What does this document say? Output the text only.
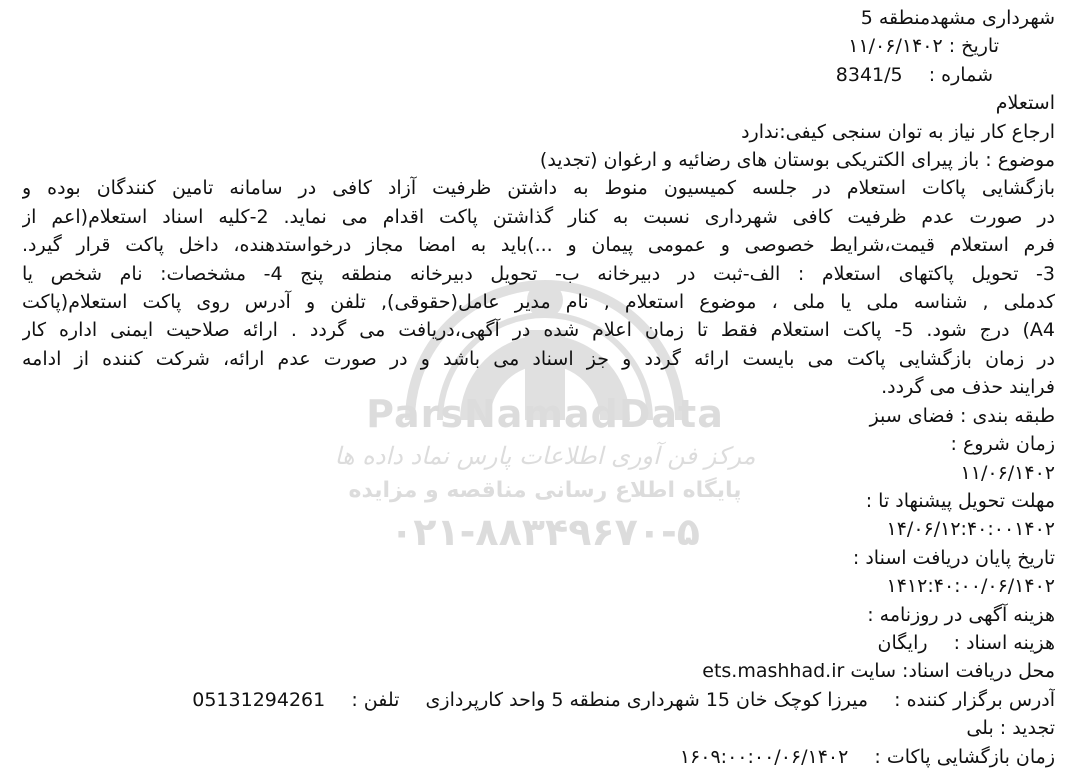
ParsNamadData
مرکز فن آوری اطلاعات پارس نماد داده ها
پایگاه اطلاع رسانی مناقصه و مزایده
۰۲۱-۸۸۳۴۹۶۷۰-۵
شهرداری مشهدمنطقه 5
تاریخ : ۱۱/۰۶/۱۴۰۲
شماره :  8341/5
استعلام
ارجاع کار نیاز به توان سنجی کیفی:ندارد
موضوع : باز پیرای الکتریکی بوستان های رضائیه و ارغوان (تجدید)
بازگشایی پاکات استعلام در جلسه کمیسیون منوط به داشتن ظرفیت آزاد کافی در سامانه تامین کنندگان بوده و
در صورت عدم ظرفیت کافی شهرداری نسبت به کنار گذاشتن پاکت اقدام می نماید. 2-کلیه اسناد استعلام(اعم از
فرم استعلام قیمت،شرایط خصوصی و عمومی پیمان و ...)باید به امضا مجاز درخواستدهنده، داخل پاکت قرار گیرد.
3- تحویل پاکتهای استعلام : الف-ثبت در دبیرخانه ب- تحویل دبیرخانه منطقه پنج 4- مشخصات: نام شخص یا
کدملی , شناسه ملی یا ملی ، موضوع استعلام , نام مدیر عامل(حقوقی), تلفن و آدرس روی پاکت استعلام(پاکت
A4) درج شود. 5- پاکت استعلام فقط تا زمان اعلام شده در آگهی،دریافت می گردد . ارائه صلاحیت ایمنی اداره کار
در زمان بازگشایی پاکت می بایست ارائه گردد و جز اسناد می باشد و در صورت عدم ارائه، شرکت کننده از ادامه
فرایند حذف می گردد.
طبقه بندی : فضای سبز
زمان شروع :
۱۱/۰۶/۱۴۰۲
مهلت تحویل پیشنهاد تا :
۱۴/۰۶/۱۲:۴۰:۰۰۱۴۰۲
تاریخ پایان دریافت اسناد :
۱۴۱۲:۴۰:۰۰/۰۶/۱۴۰۲
هزینه آگهی در روزنامه :
هزینه اسناد :  رایگان
محل دریافت اسناد: سایت ets.mashhad.ir
آدرس برگزار کننده :  میرزا کوچک خان 15 شهرداری منطقه 5 واحد کارپردازی  تلفن :  05131294261
تجدید : بلی
زمان بازگشایی پاکات :  ۱۶۰۹:۰۰:۰۰/۰۶/۱۴۰۲
